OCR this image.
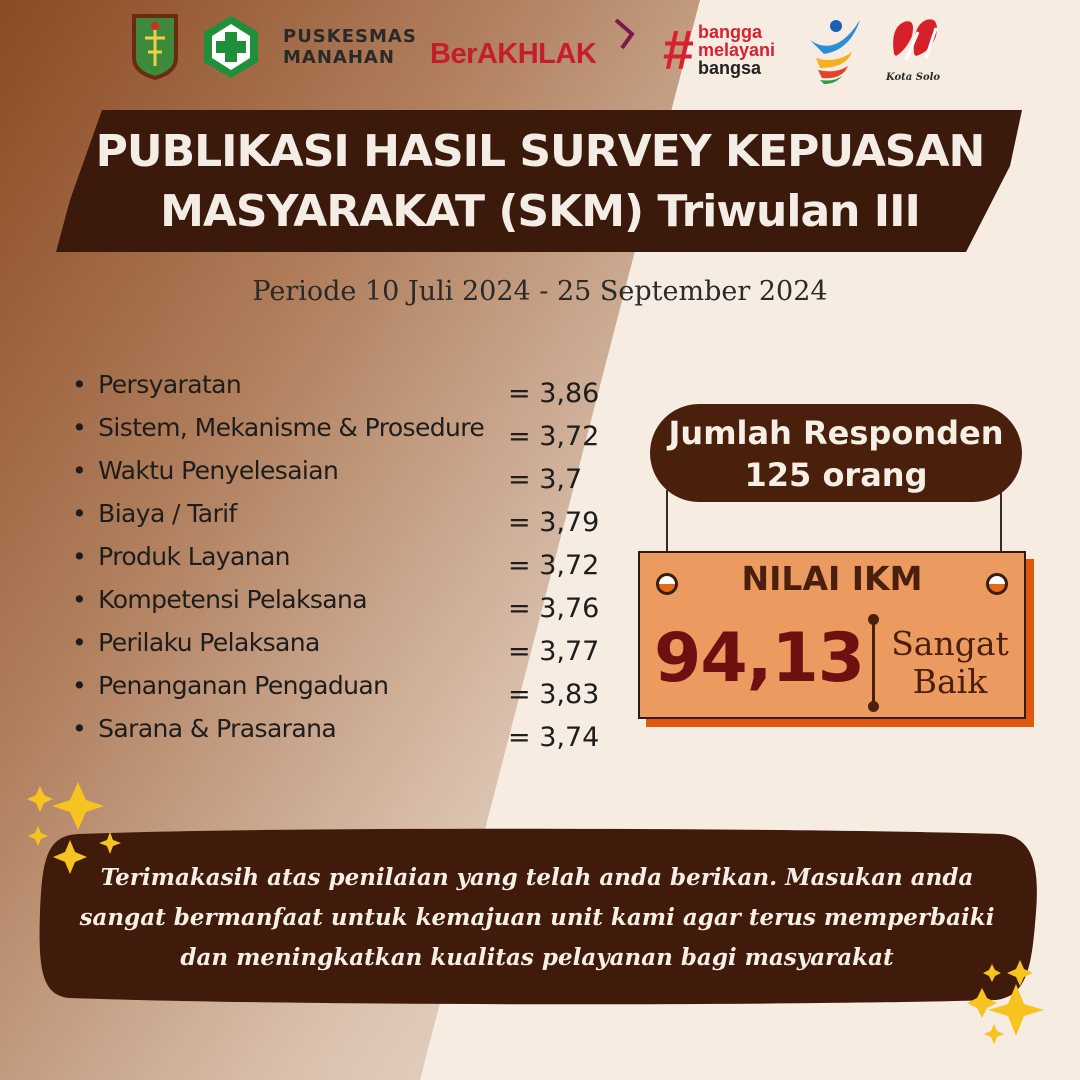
PUSKESMAS
MANAHAN	BerAKHLAK # bangga
melayani
bangsa	Kota Solo
PUBLIKASI HASIL SURVEY KEPUASAN
MASYARAKAT (SKM) Triwulan III
Periode 10 Juli 2024 - 25 September 2024
• Persyaratan	= 3,86
• Sistem, Mekanisme & Prosedure = 3,72
• Waktu Penyelesaian	= 3,7
• Biaya / Tarif	= 3,79
• Produk Layanan	= 3,72
• Kompetensi Pelaksana	= 3,76
• Perilaku Pelaksana	= 3,77
• Penanganan Pengaduan	= 3,83
• Sarana & Prasarana	= 3,74
Jumlah Responden
125 orang
NILAI IKM
94,13 Sangat
Baik
Terimakasih atas penilaian yang telah anda berikan. Masukan anda
sangat bermanfaat untuk kemajuan unit kami agar terus memperbaiki
dan meningkatkan kualitas pelayanan bagi masyarakat
